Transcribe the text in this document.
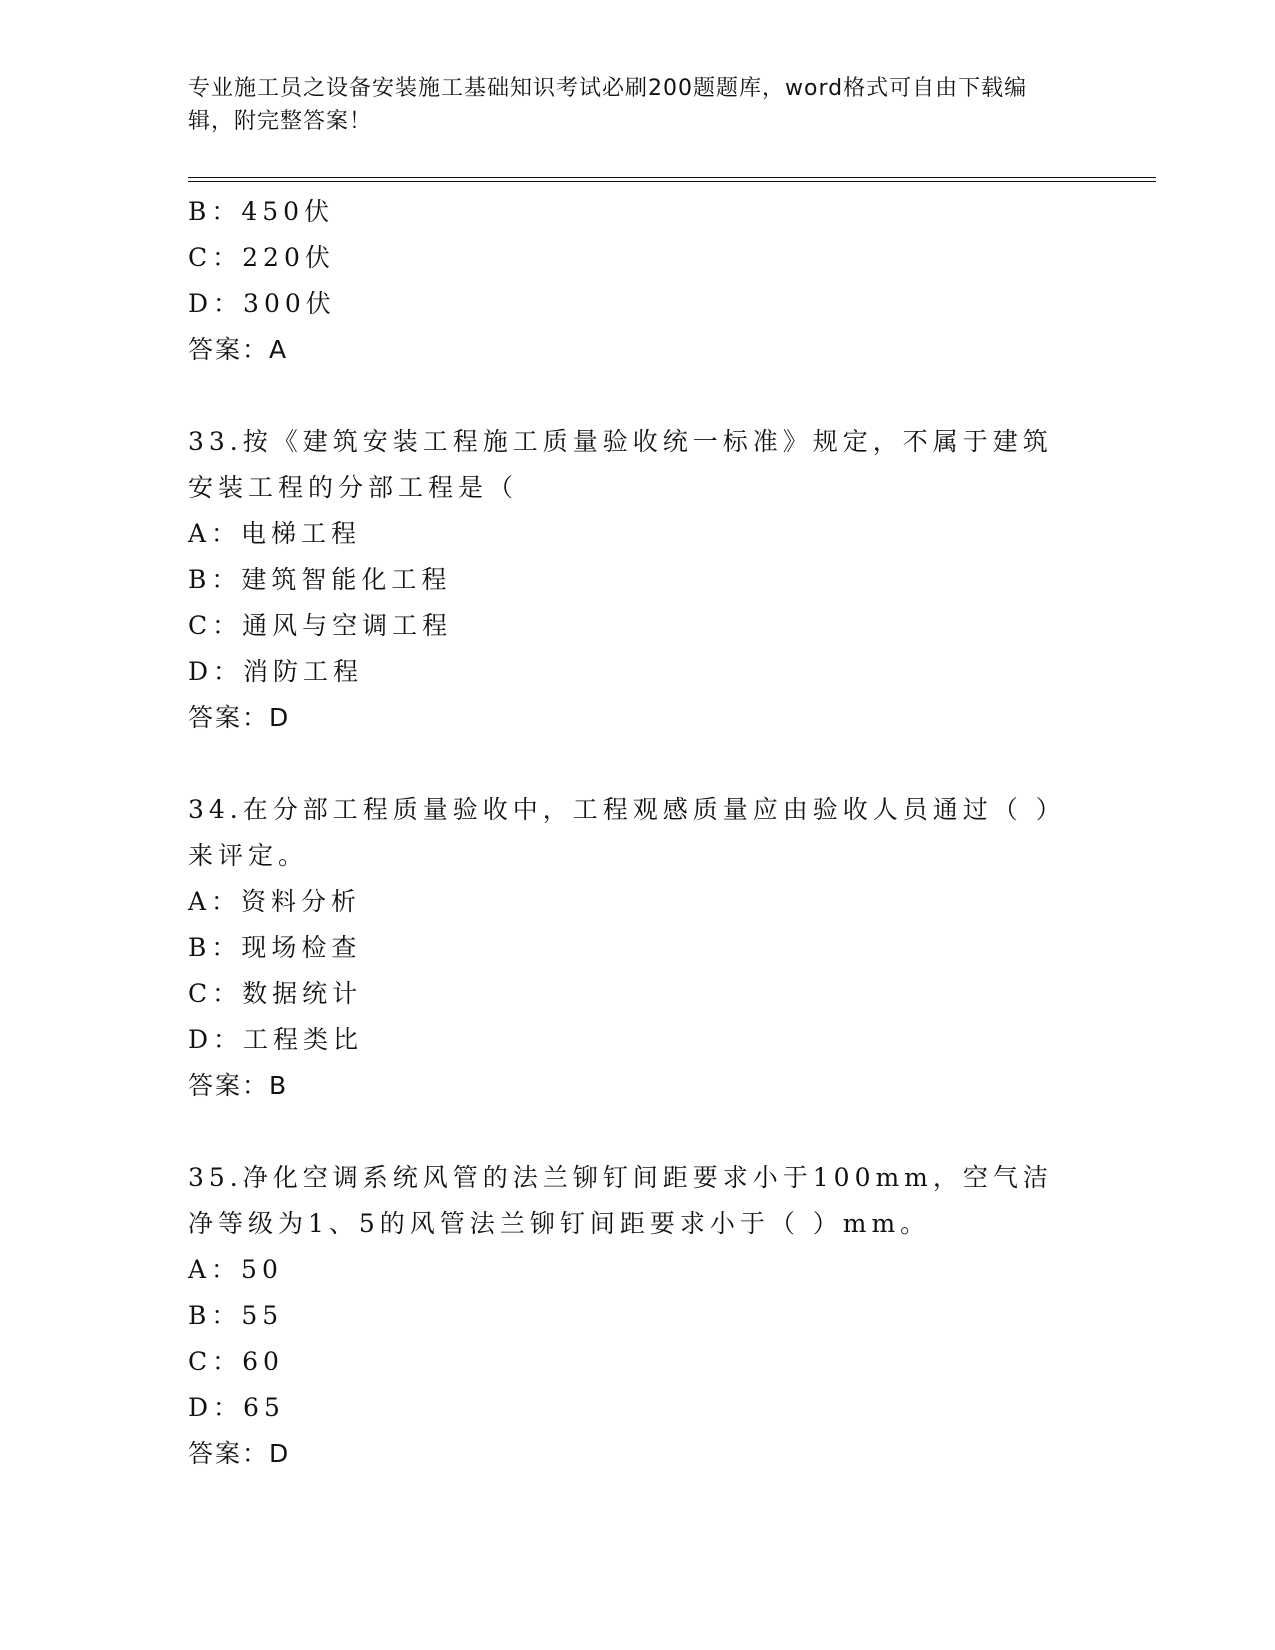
专业施工员之设备安装施工基础知识考试必刷200题题库，word格式可自由下载编辑，附完整答案！
B：450伏
C：220伏
D：300伏
答案：A
33.按《建筑安装工程施工质量验收统一标准》规定，不属于建筑安装工程的分部工程是（
A：电梯工程
B：建筑智能化工程
C：通风与空调工程
D：消防工程
答案：D
34.在分部工程质量验收中，工程观感质量应由验收人员通过（ ）来评定。
A：资料分析
B：现场检查
C：数据统计
D：工程类比
答案：B
35.净化空调系统风管的法兰铆钉间距要求小于100mm，空气洁净等级为1、5的风管法兰铆钉间距要求小于（ ）mm。
A：50
B：55
C：60
D：65
答案：D
